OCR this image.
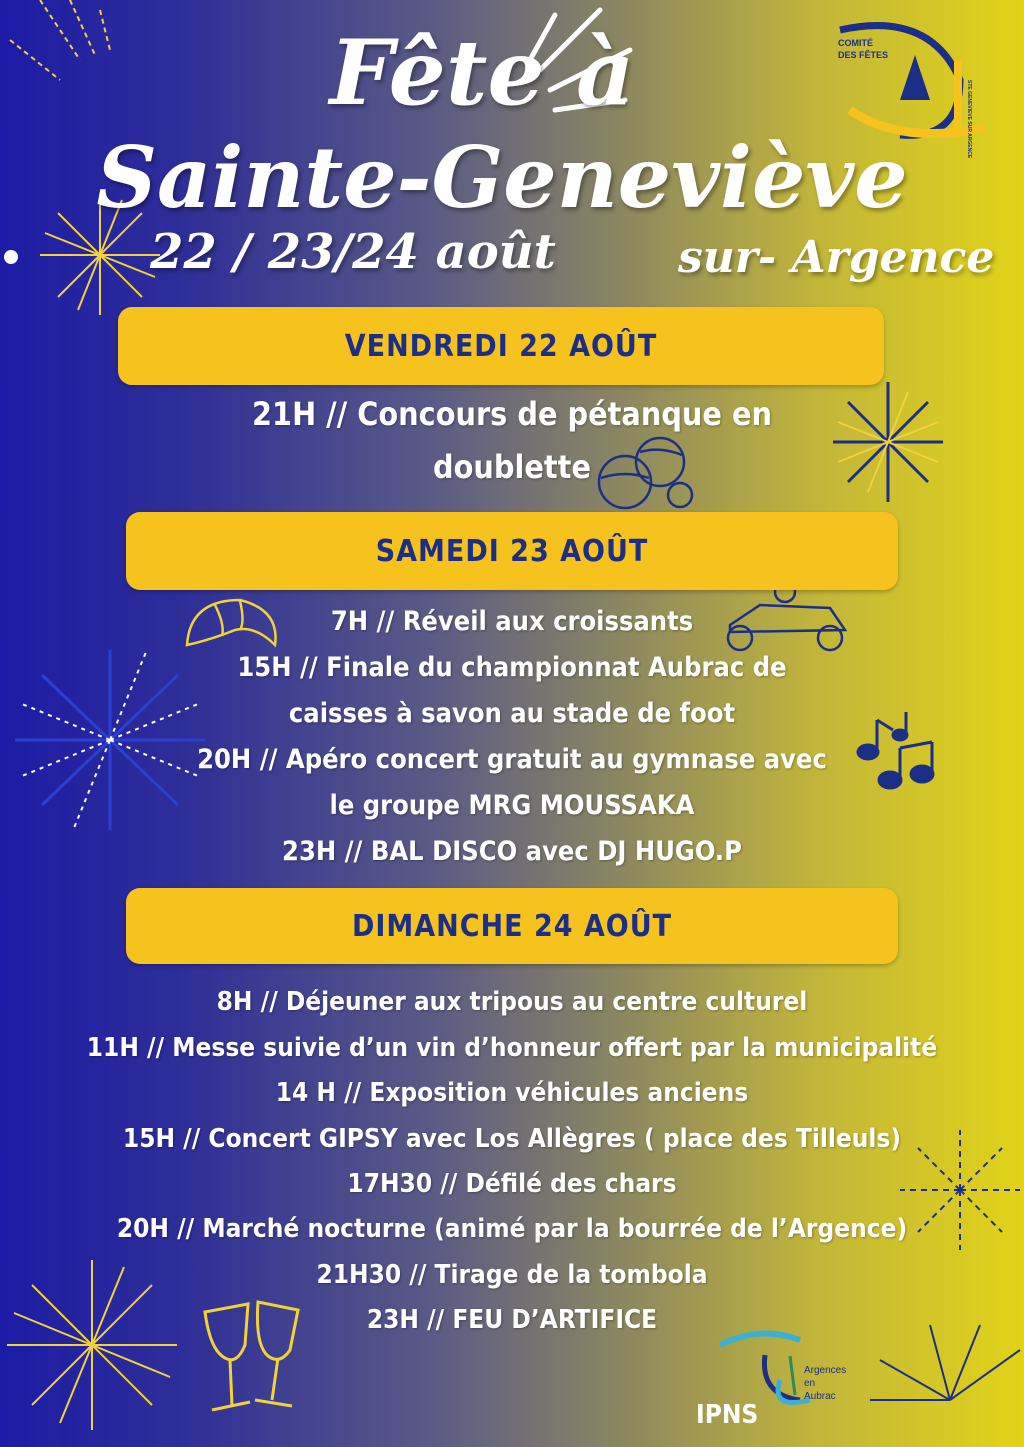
COMITÉ
DES FÊTES
STE GENEVIEVE SUR ARGENCE
Argences
en
Aubrac
Fête à
Sainte-Geneviève
22 / 23/24 août	sur- Argence
VENDREDI 22 AOÛT

21H // Concours de pétanque en

doublette

SAMEDI 23 AOÛT

7H // Réveil aux croissants

15H // Finale du championnat Aubrac de

caisses à savon au stade de foot

20H // Apéro concert gratuit au gymnase avec

le groupe MRG MOUSSAKA

23H // BAL DISCO avec DJ HUGO.P

DIMANCHE 24 AOÛT

8H // Déjeuner aux tripous au centre culturel

11H // Messe suivie d’un vin d’honneur offert par la municipalité

14 H // Exposition véhicules anciens

15H // Concert GIPSY avec Los Allègres ( place des Tilleuls)

17H30 // Défilé des chars

20H // Marché nocturne (animé par la bourrée de l’Argence)

21H30 // Tirage de la tombola

23H // FEU D’ARTIFICE

IPNS
